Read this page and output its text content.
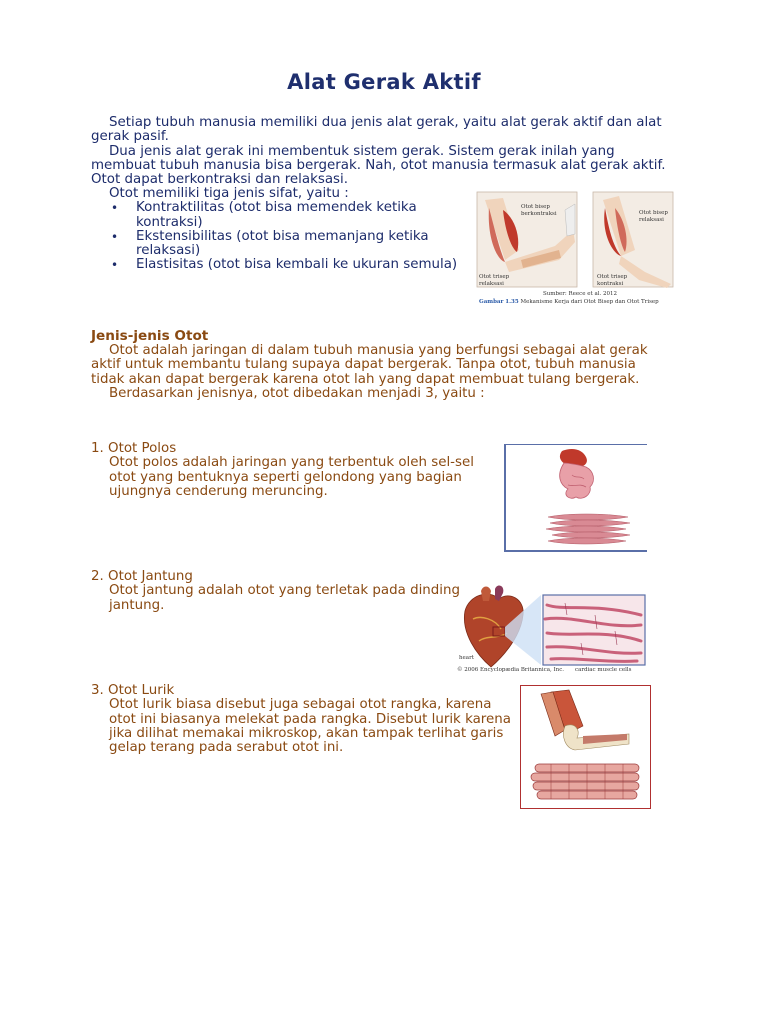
Alat Gerak Aktif
Setiap tubuh manusia memiliki dua jenis alat gerak, yaitu alat gerak aktif dan alat gerak pasif.
Dua jenis alat gerak ini membentuk sistem gerak. Sistem gerak inilah yang membuat tubuh manusia bisa bergerak. Nah, otot manusia termasuk alat gerak aktif. Otot dapat berkontraksi dan relaksasi.
Otot memiliki tiga jenis sifat, yaitu :
• Kontraktilitas (otot bisa memendek ketika kontraksi)
• Ekstensibilitas (otot bisa memanjang ketika relaksasi)
• Elastisitas (otot bisa kembali ke ukuran semula)
Otot bisep berkontraksi
Otot trisep relaksasi
Otot bisep relaksasi
Otot trisep kontraksi
Sumber: Reece et al. 2012
Gambar 1.35 Mekanisme Kerja dari Otot Bisep dan Otot Trisep
Jenis-jenis Otot
Otot adalah jaringan di dalam tubuh manusia yang berfungsi sebagai alat gerak aktif untuk membantu tulang supaya dapat bergerak. Tanpa otot, tubuh manusia tidak akan dapat bergerak karena otot lah yang dapat membuat tulang bergerak.
Berdasarkan jenisnya, otot dibedakan menjadi 3, yaitu :
1. Otot Polos
Otot polos adalah jaringan yang terbentuk oleh sel-sel otot yang bentuknya seperti gelondong yang bagian ujungnya cenderung meruncing.
2. Otot Jantung
Otot jantung adalah otot yang terletak pada dinding jantung.
heart
cardiac muscle cells
© 2006 Encyclopædia Britannica, Inc.
3. Otot Lurik
Otot lurik biasa disebut juga sebagai otot rangka, karena otot ini biasanya melekat pada rangka. Disebut lurik karena jika dilihat memakai mikroskop, akan tampak terlihat garis gelap terang pada serabut otot ini.
